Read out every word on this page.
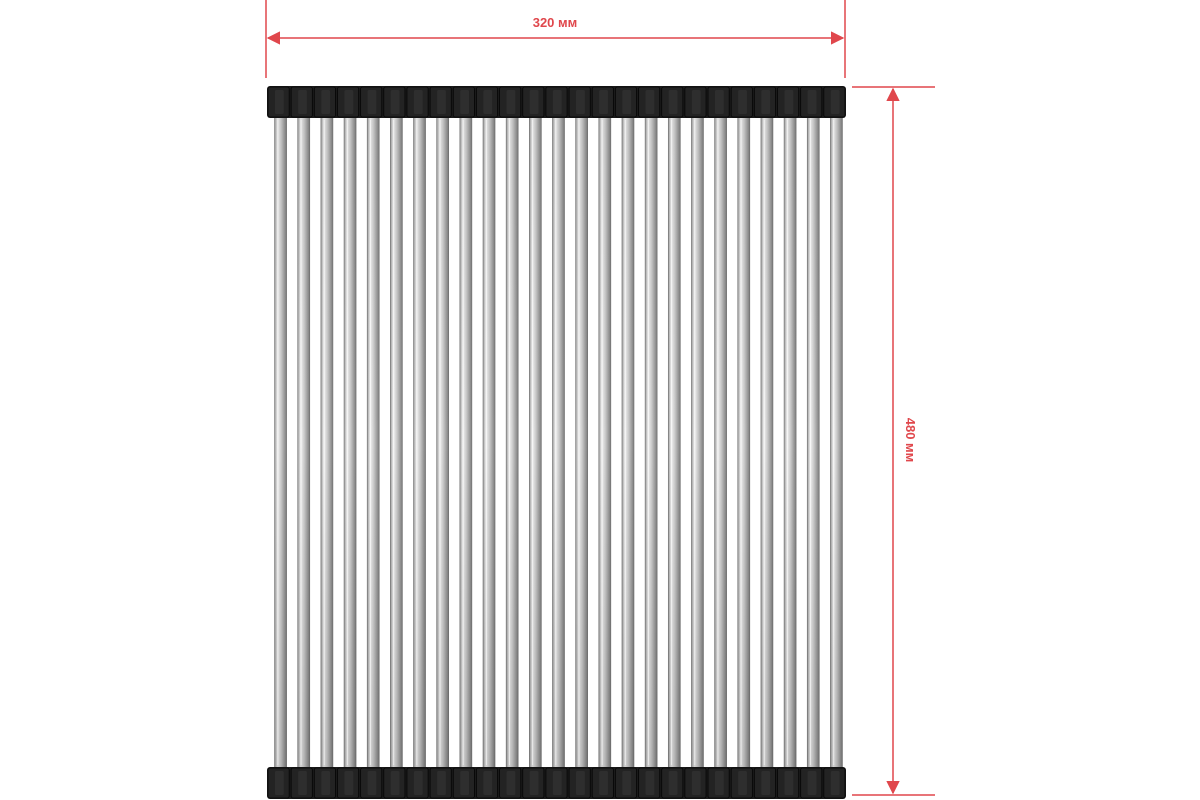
320 мм
480 мм
